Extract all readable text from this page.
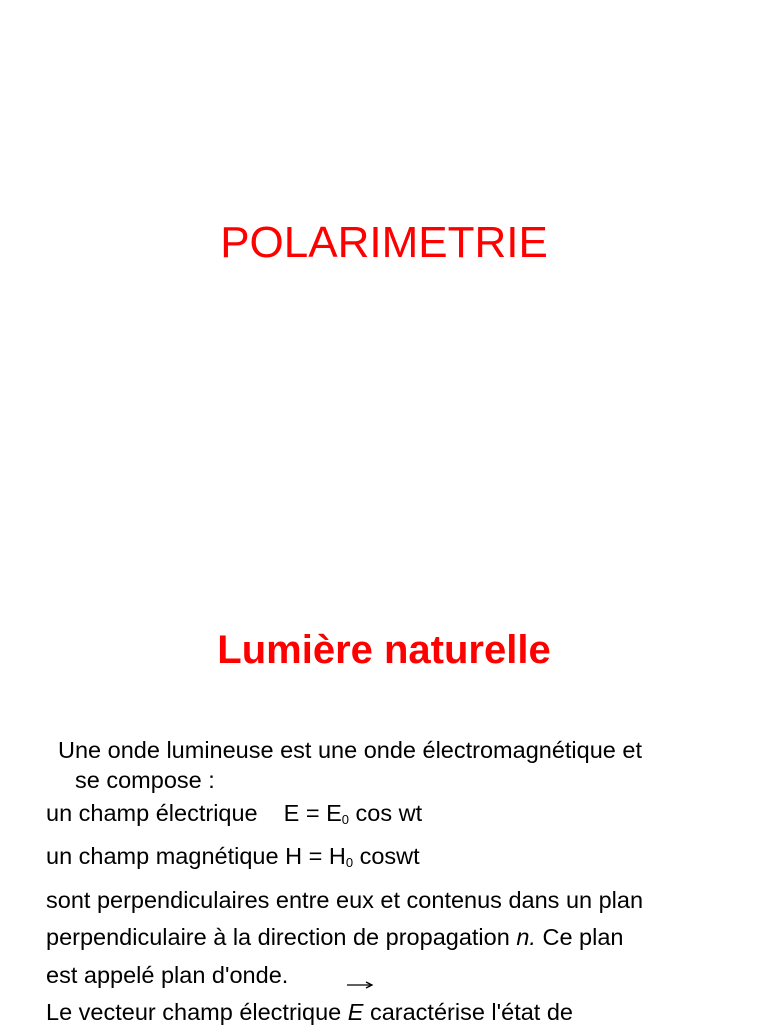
POLARIMETRIE
Lumière naturelle
Une onde lumineuse est une onde électromagnétique et
se compose :
un champ électrique $E = E_0$ cos wt
un champ magnétique $H = H_0$ coswt
sont perpendiculaires entre eux et contenus dans un plan
perpendiculaire à la direction de propagation n. Ce plan
est appelé plan d'onde.
Le vecteur champ électrique
E caractérise l'état de
